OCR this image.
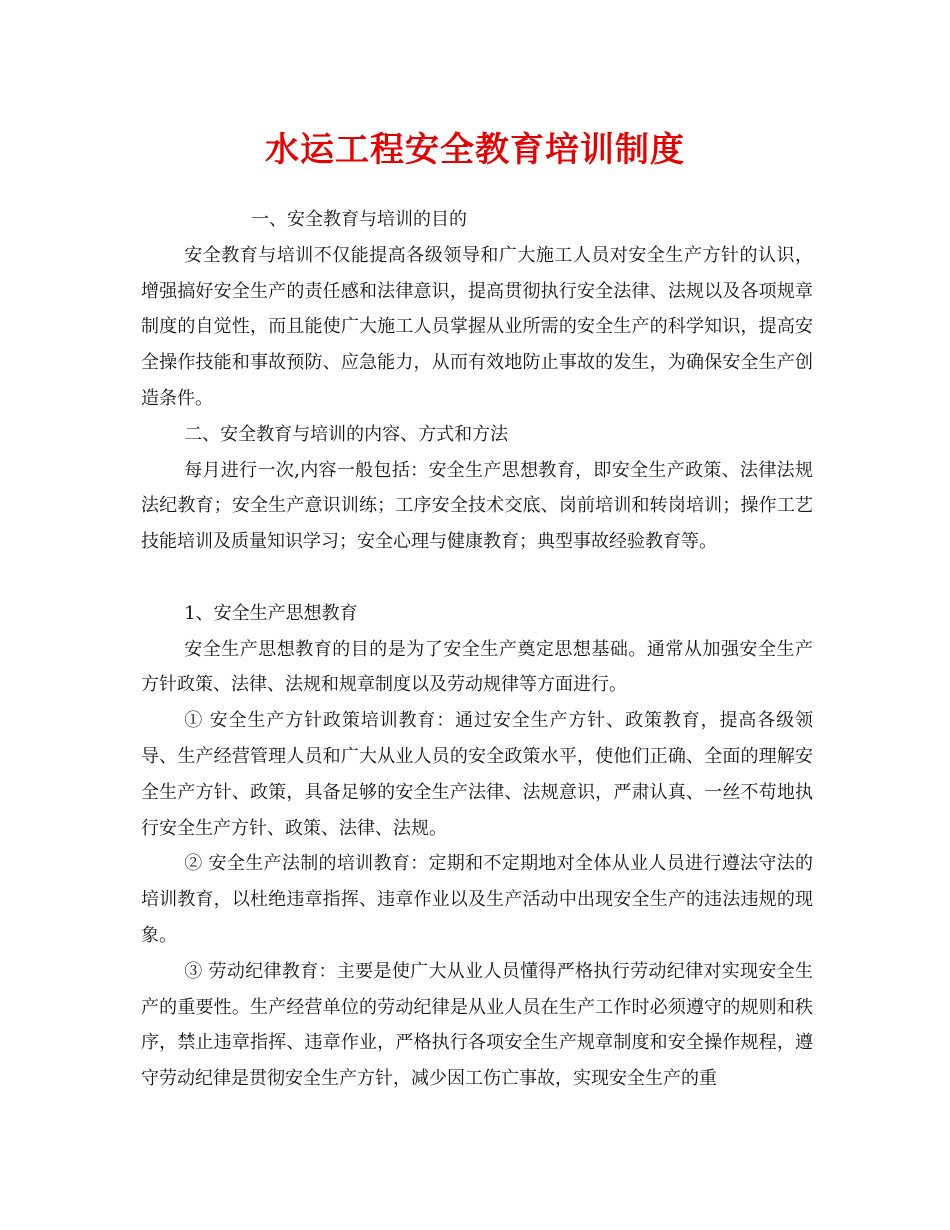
水运工程安全教育培训制度

一、安全教育与培训的目的

安全教育与培训不仅能提高各级领导和广大施工人员对安全生产方针的认识，增强搞好安全生产的责任感和法律意识，提高贯彻执行安全法律、法规以及各项规章制度的自觉性，而且能使广大施工人员掌握从业所需的安全生产的科学知识，提高安全操作技能和事故预防、应急能力，从而有效地防止事故的发生，为确保安全生产创造条件。

二、安全教育与培训的内容、方式和方法

每月进行一次,内容一般包括：安全生产思想教育，即安全生产政策、法律法规法纪教育；安全生产意识训练；工序安全技术交底、岗前培训和转岗培训；操作工艺技能培训及质量知识学习；安全心理与健康教育；典型事故经验教育等。

1、安全生产思想教育

安全生产思想教育的目的是为了安全生产奠定思想基础。通常从加强安全生产方针政策、法律、法规和规章制度以及劳动规律等方面进行。

① 安全生产方针政策培训教育：通过安全生产方针、政策教育，提高各级领导、生产经营管理人员和广大从业人员的安全政策水平，使他们正确、全面的理解安全生产方针、政策，具备足够的安全生产法律、法规意识，严肃认真、一丝不苟地执行安全生产方针、政策、法律、法规。

② 安全生产法制的培训教育：定期和不定期地对全体从业人员进行遵法守法的培训教育，以杜绝违章指挥、违章作业以及生产活动中出现安全生产的违法违规的现象。

③ 劳动纪律教育：主要是使广大从业人员懂得严格执行劳动纪律对实现安全生产的重要性。生产经营单位的劳动纪律是从业人员在生产工作时必须遵守的规则和秩序，禁止违章指挥、违章作业，严格执行各项安全生产规章制度和安全操作规程，遵守劳动纪律是贯彻安全生产方针，减少因工伤亡事故，实现安全生产的重
